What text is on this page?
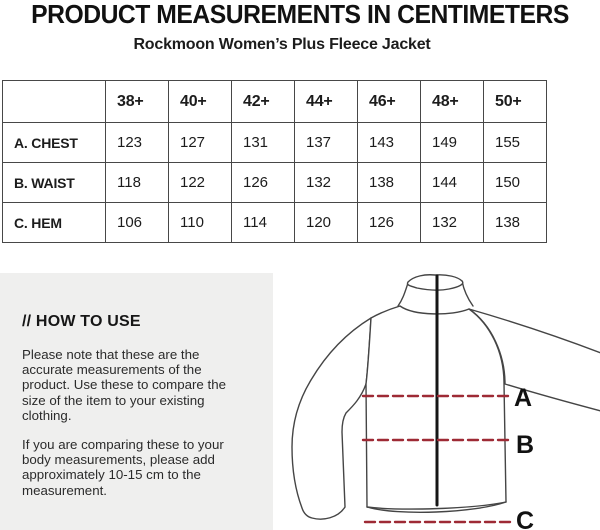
PRODUCT MEASUREMENTS IN CENTIMETERS
Rockmoon Women’s Plus Fleece Jacket
	38+	40+	42+	44+	46+	48+	50+
A. CHEST	123	127	131	137	143	149	155
B. WAIST	118	122	126	132	138	144	150
C. HEM	106	110	114	120	126	132	138
// HOW TO USE
Please note that these are the
accurate measurements of the
product. Use these to compare the
size of the item to your existing
clothing.
If you are comparing these to your
body measurements, please add
approximately 10-15 cm to the
measurement.
A
B
C
